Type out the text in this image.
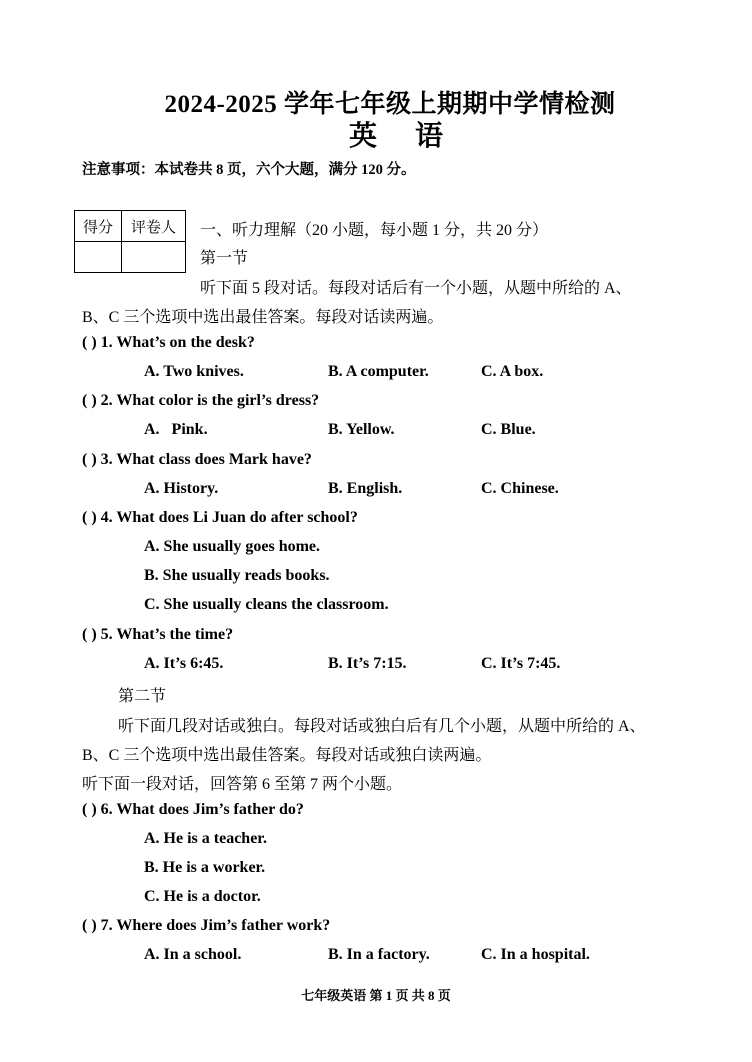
2024-2025 学年七年级上期期中学情检测
英语
注意事项：本试卷共 8 页，六个大题，满分 120 分。
得分	评卷人
	一、听力理解（20 小题，每小题 1 分，共 20 分）
第一节
听下面 5 段对话。每段对话后有一个小题，从题中所给的 A、
B、C 三个选项中选出最佳答案。每段对话读两遍。
( ) 1. What’s on the desk?
A. Two knives.	B. A computer.	C. A box.
( ) 2. What color is the girl’s dress?
A.   Pink.	B. Yellow.	C. Blue.
( ) 3. What class does Mark have?
A. History.	B. English.	C. Chinese.
( ) 4. What does Li Juan do after school?
A. She usually goes home.
B. She usually reads books.
C. She usually cleans the classroom.
( ) 5. What’s the time?
A. It’s 6:45.	B. It’s 7:15.	C. It’s 7:45.
第二节
听下面几段对话或独白。每段对话或独白后有几个小题，从题中所给的 A、
B、C 三个选项中选出最佳答案。每段对话或独白读两遍。
听下面一段对话，回答第 6 至第 7 两个小题。
( ) 6. What does Jim’s father do?
A. He is a teacher.
B. He is a worker.
C. He is a doctor.
( ) 7. Where does Jim’s father work?
A. In a school.	B. In a factory.	C. In a hospital.
七年级英语 第 1 页 共 8 页
